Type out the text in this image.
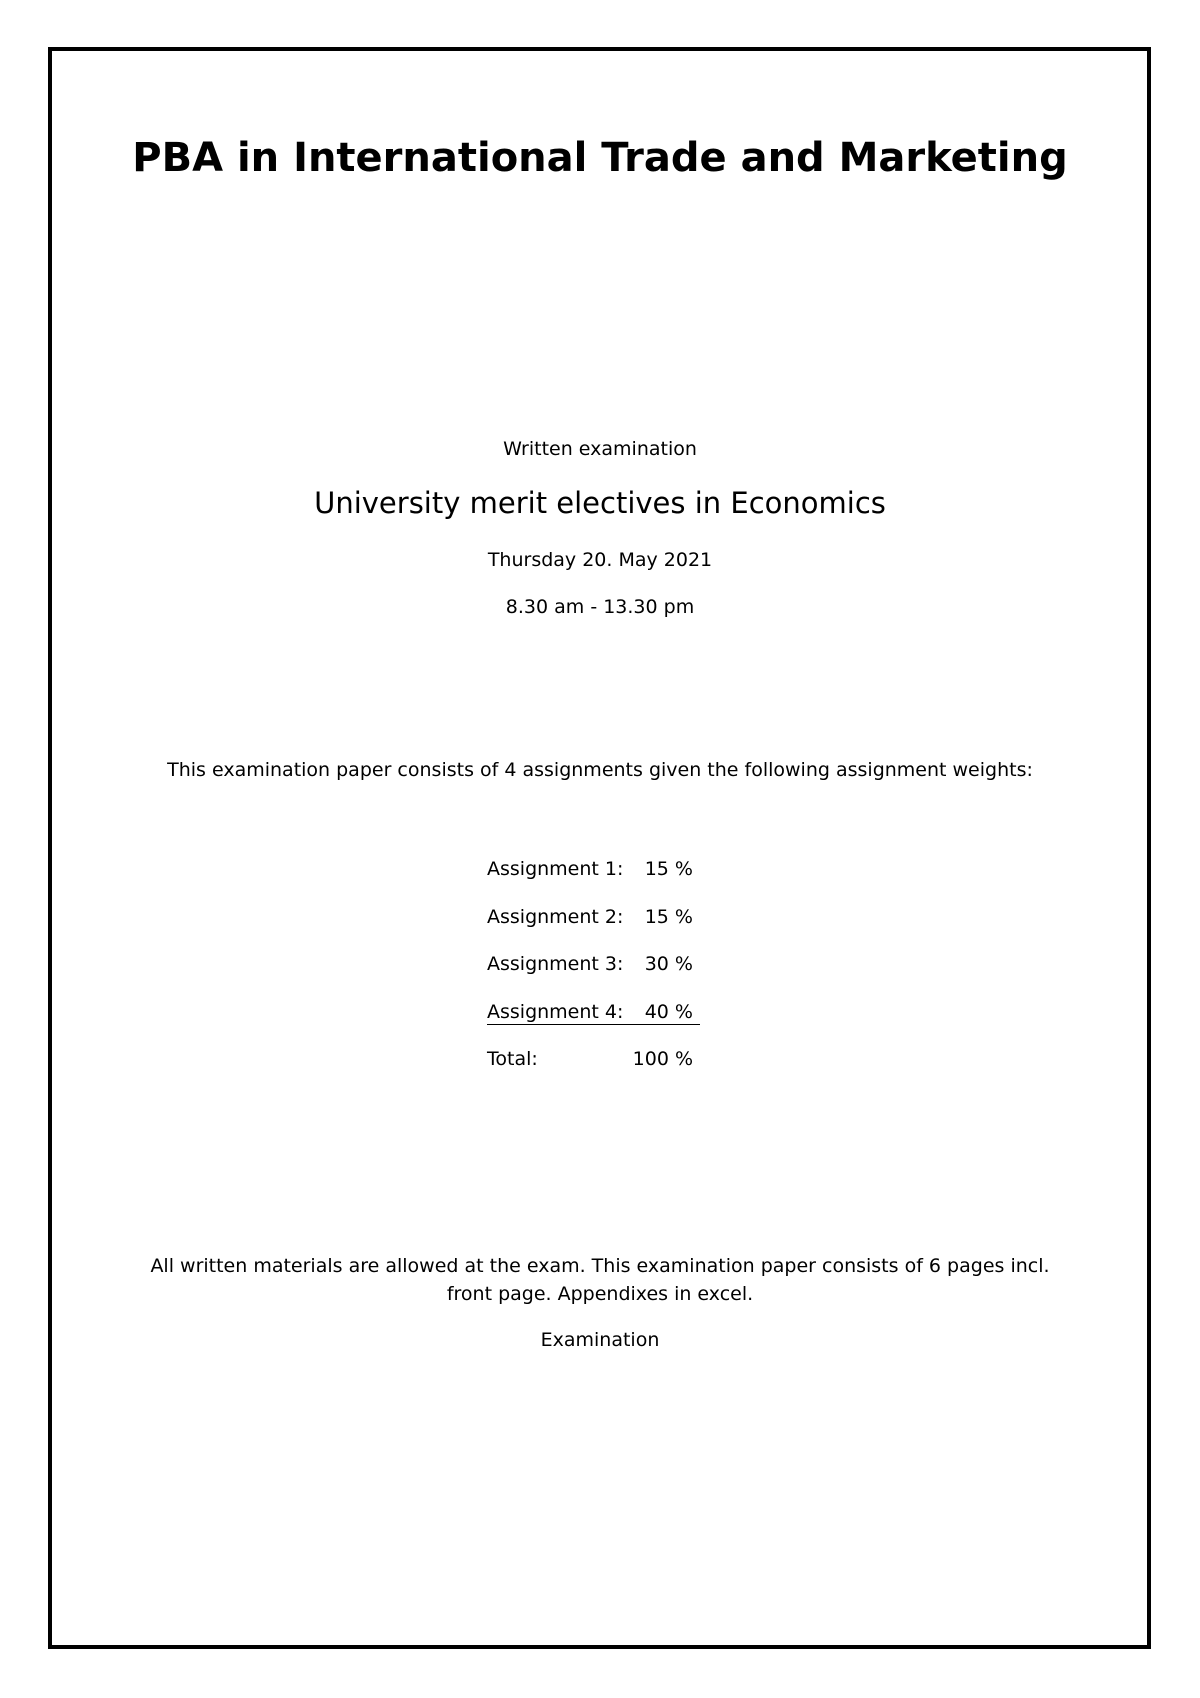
PBA in International Trade and Marketing
Written examination
University merit electives in Economics
Thursday 20. May 2021
8.30 am - 13.30 pm
This examination paper consists of 4 assignments given the following assignment weights:
Assignment 1: 15 %
Assignment 2: 15 %
Assignment 3: 30 %
Assignment 4: 40 %
Total:	100 %
All written materials are allowed at the exam. This examination paper consists of 6 pages incl.
front page. Appendixes in excel.
Examination
